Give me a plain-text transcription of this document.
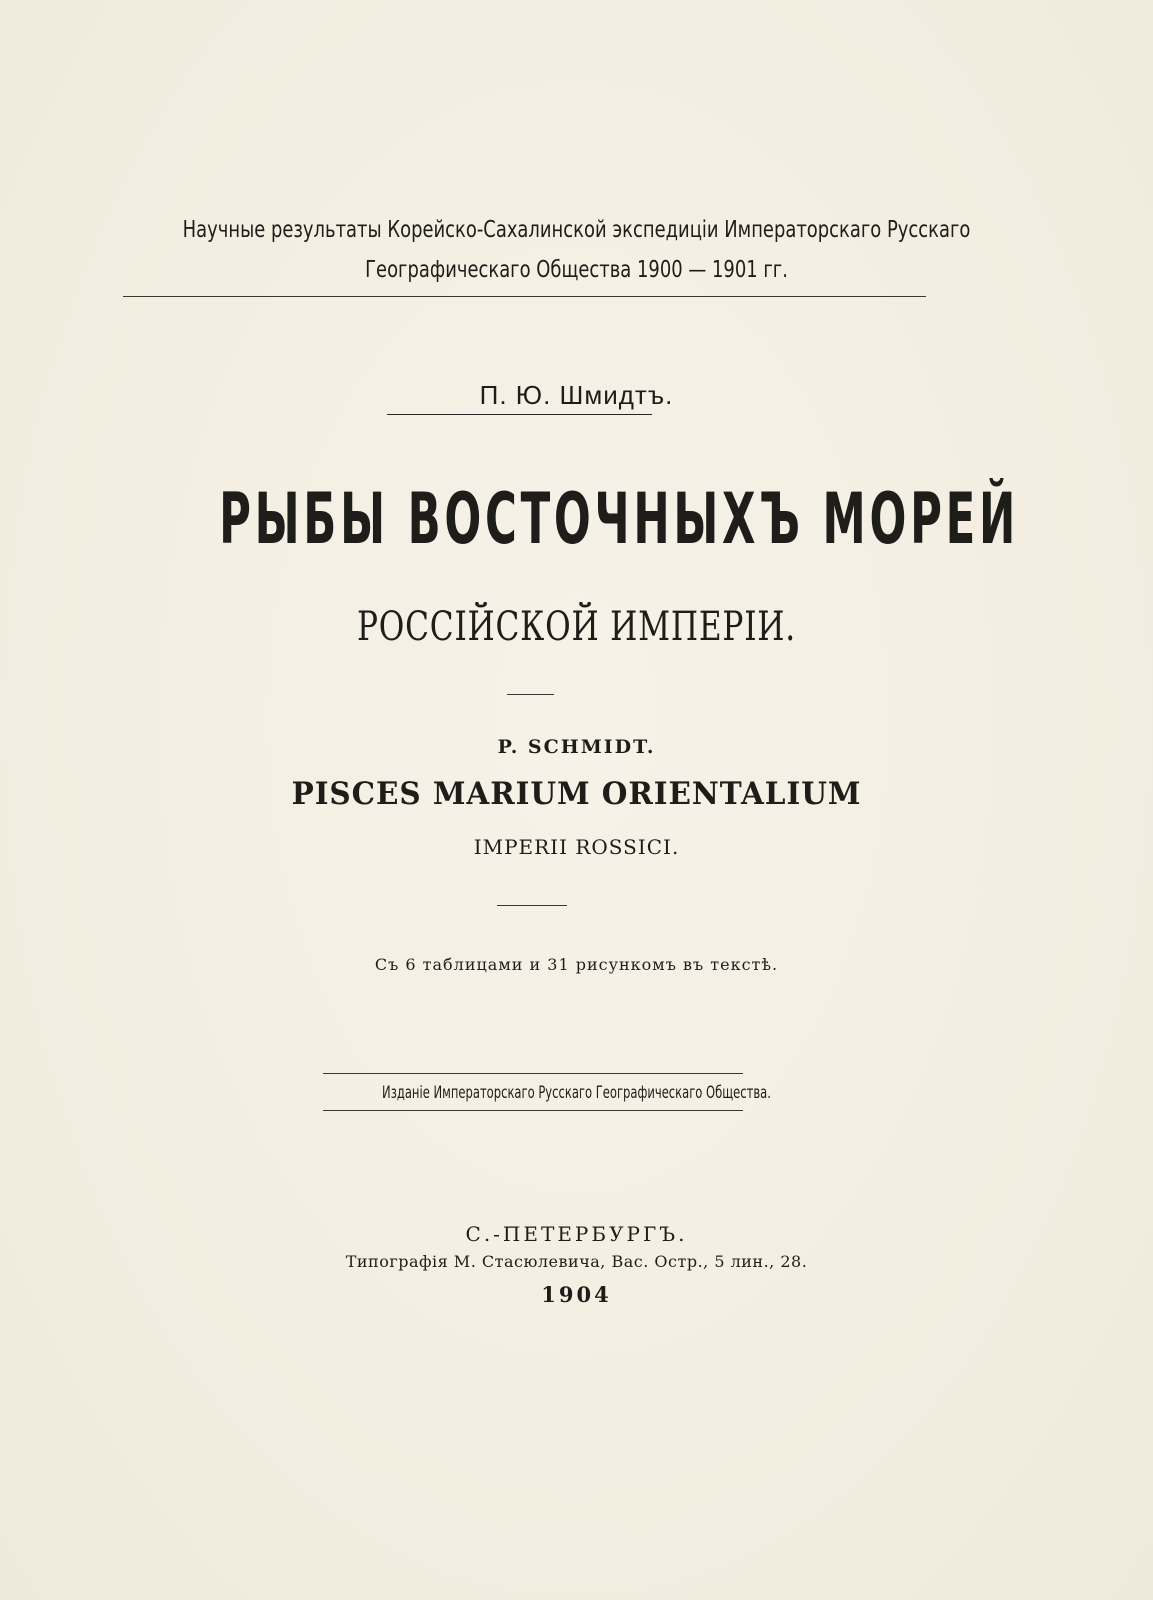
Научные результаты Корейско-Сахалинской экспедиціи Императорскаго Русскаго
Географическаго Общества 1900 — 1901 гг.
П. Ю. Шмидтъ.
РЫБЫ ВОСТОЧНЫХЪ МОРЕЙ
РОССІЙСКОЙ ИМПЕРІИ.
P. SCHMIDT.
PISCES MARIUM ORIENTALIUM
IMPERII ROSSICI.
Съ 6 таблицами и 31 рисункомъ въ текстѣ.
Изданіе Императорскаго Русскаго Географическаго Общества.
С.-ПЕТЕРБУРГЪ.
Типографія М. Стасюлевича, Вас. Остр., 5 лин., 28.
1904
